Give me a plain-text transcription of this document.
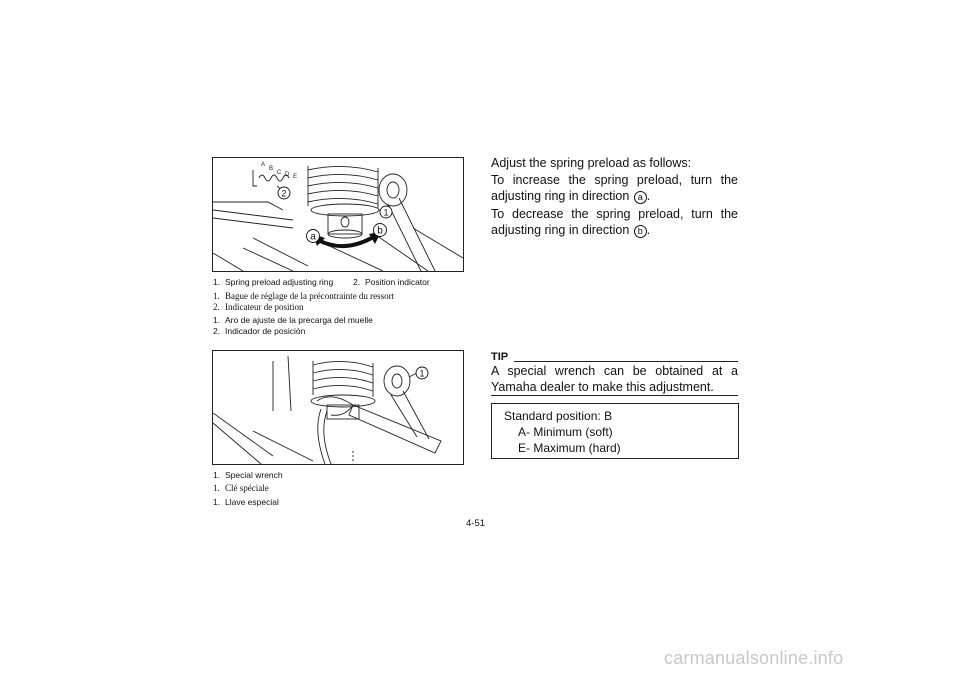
A
B
C D E
2
1
a
b
1. Spring preload adjusting ring	2. Position indicator
1. Bague de réglage de la précontrainte du ressort
2. Indicateur de position
1. Aro de ajuste de la precarga del muelle
2. Indicador de posición
1
1. Special wrench
1. Clé spéciale
1. Llave especial
Adjust the spring preload as follows:
To increase the spring preload, turn the adjusting ring in direction a .
To decrease the spring preload, turn the adjusting ring in direction b .
TIP
A special wrench can be obtained at a Yamaha dealer to make this adjustment.
Standard position: B
A- Minimum (soft)
E- Maximum (hard)
4-51
carmanualsonline.info
